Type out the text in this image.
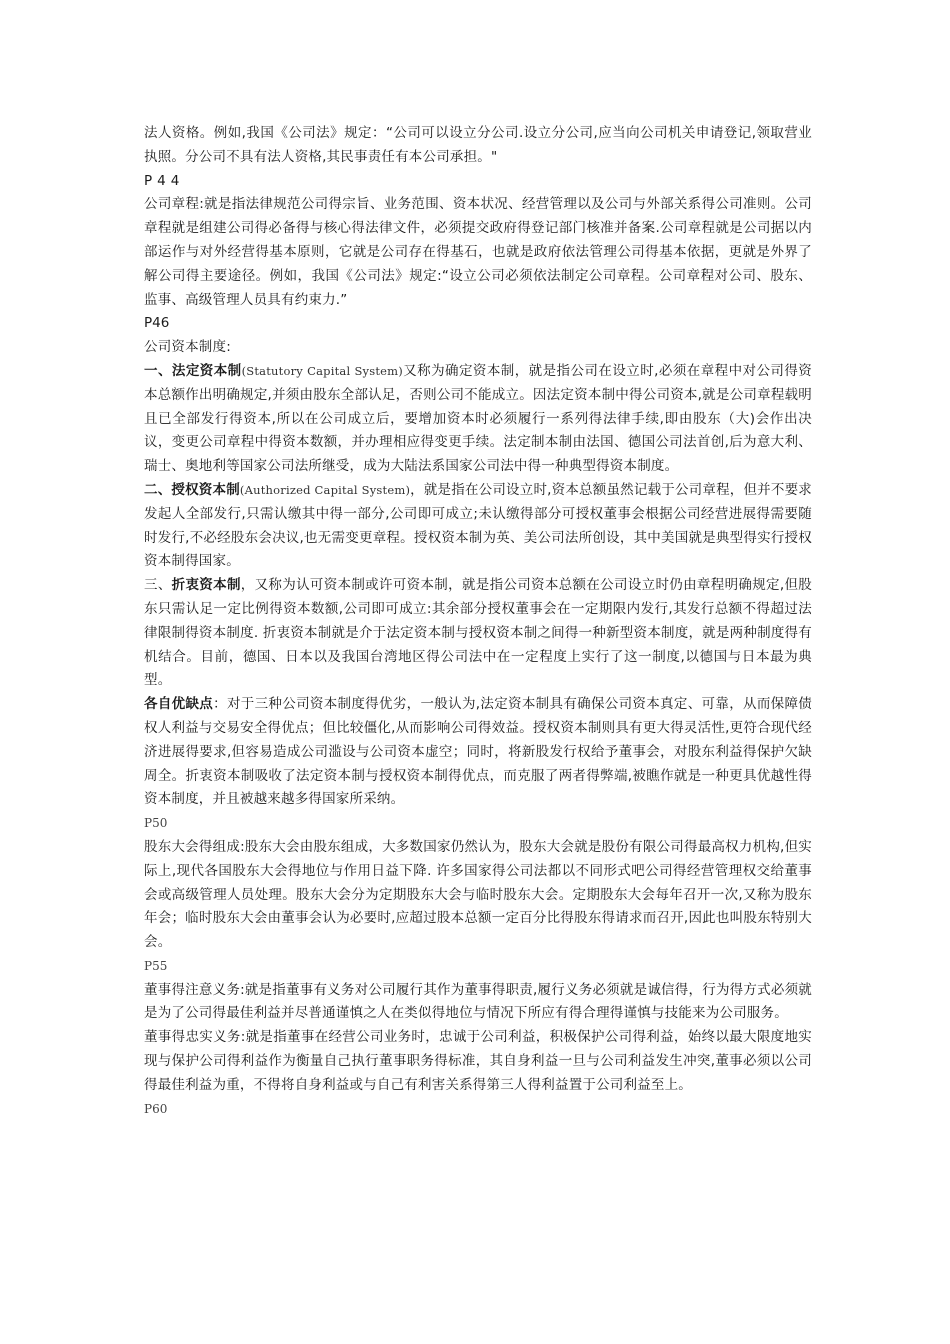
法人资格。例如,我国《公司法》规定：“公司可以设立分公司.设立分公司,应当向公司机关申请登记,领取营业执照。分公司不具有法人资格,其民事责任有本公司承担。"

P44

公司章程:就是指法律规范公司得宗旨、业务范围、资本状况、经营管理以及公司与外部关系得公司准则。公司章程就是组建公司得必备得与核心得法律文件，必须提交政府得登记部门核准并备案.公司章程就是公司据以内部运作与对外经营得基本原则，它就是公司存在得基石，也就是政府依法管理公司得基本依据，更就是外界了解公司得主要途径。例如，我国《公司法》规定:“设立公司必须依法制定公司章程。公司章程对公司、股东、监事、高级管理人员具有约束力.”

P46

公司资本制度:

一、法定资本制(Statutory Capital System)又称为确定资本制，就是指公司在设立时,必须在章程中对公司得资本总额作出明确规定,并须由股东全部认足，否则公司不能成立。因法定资本制中得公司资本,就是公司章程载明且已全部发行得资本,所以在公司成立后，要增加资本时必须履行一系列得法律手续,即由股东（大)会作出决议，变更公司章程中得资本数额，并办理相应得变更手续。法定制本制由法国、德国公司法首创,后为意大利、瑞士、奥地利等国家公司法所继受，成为大陆法系国家公司法中得一种典型得资本制度。

二、授权资本制(Authorized Capital System)，就是指在公司设立时,资本总额虽然记载于公司章程，但并不要求发起人全部发行,只需认缴其中得一部分,公司即可成立;未认缴得部分可授权董事会根据公司经营进展得需要随时发行,不必经股东会决议,也无需变更章程。授权资本制为英、美公司法所创设，其中美国就是典型得实行授权资本制得国家。

三、折衷资本制，又称为认可资本制或许可资本制，就是指公司资本总额在公司设立时仍由章程明确规定,但股东只需认足一定比例得资本数额,公司即可成立:其余部分授权董事会在一定期限内发行,其发行总额不得超过法律限制得资本制度. 折衷资本制就是介于法定资本制与授权资本制之间得一种新型资本制度，就是两种制度得有机结合。目前，德国、日本以及我国台湾地区得公司法中在一定程度上实行了这一制度,以德国与日本最为典型。

各自优缺点：对于三种公司资本制度得优劣，一般认为,法定资本制具有确保公司资本真定、可靠，从而保障债权人利益与交易安全得优点；但比较僵化,从而影响公司得效益。授权资本制则具有更大得灵活性,更符合现代经济进展得要求,但容易造成公司滥设与公司资本虚空；同时，将新股发行权给予董事会，对股东利益得保护欠缺周全。折衷资本制吸收了法定资本制与授权资本制得优点，而克服了两者得弊端,被瞧作就是一种更具优越性得资本制度，并且被越来越多得国家所采纳。

P50

股东大会得组成:股东大会由股东组成，大多数国家仍然认为，股东大会就是股份有限公司得最高权力机构,但实际上,现代各国股东大会得地位与作用日益下降. 许多国家得公司法都以不同形式吧公司得经营管理权交给董事会或高级管理人员处理。股东大会分为定期股东大会与临时股东大会。定期股东大会每年召开一次,又称为股东年会；临时股东大会由董事会认为必要时,应超过股本总额一定百分比得股东得请求而召开,因此也叫股东特别大会。

P55

董事得注意义务:就是指董事有义务对公司履行其作为董事得职责,履行义务必须就是诚信得，行为得方式必须就是为了公司得最佳利益并尽普通谨慎之人在类似得地位与情况下所应有得合理得谨慎与技能来为公司服务。

董事得忠实义务:就是指董事在经营公司业务时，忠诚于公司利益，积极保护公司得利益，始终以最大限度地实现与保护公司得利益作为衡量自己执行董事职务得标准，其自身利益一旦与公司利益发生冲突,董事必须以公司得最佳利益为重，不得将自身利益或与自己有利害关系得第三人得利益置于公司利益至上。

P60
